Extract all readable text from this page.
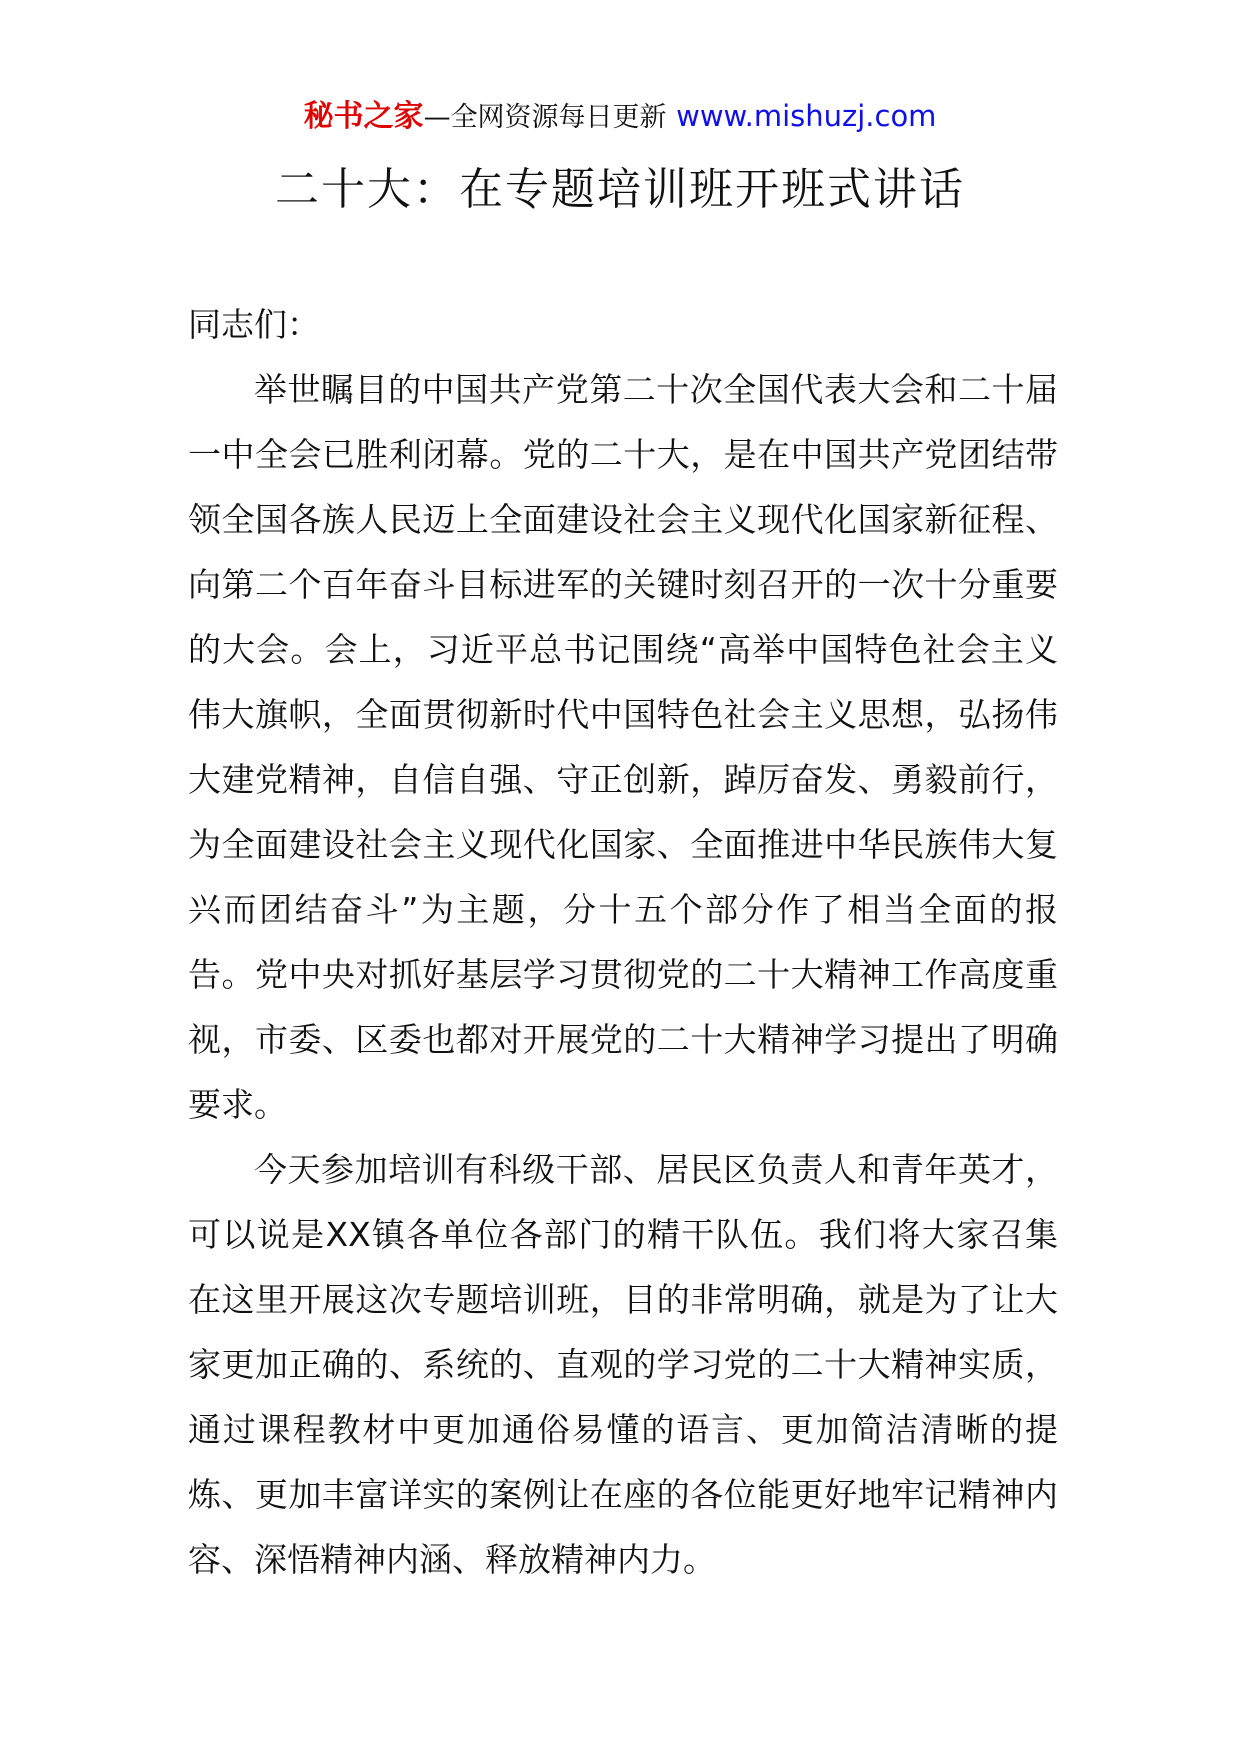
秘书之家—全网资源每日更新 www.mishuzj.com
二十大：在专题培训班开班式讲话

同志们：

举世瞩目的中国共产党第二十次全国代表大会和二十届一中全会已胜利闭幕。党的二十大，是在中国共产党团结带领全国各族人民迈上全面建设社会主义现代化国家新征程、向第二个百年奋斗目标进军的关键时刻召开的一次十分重要的大会。会上，习近平总书记围绕“高举中国特色社会主义伟大旗帜，全面贯彻新时代中国特色社会主义思想，弘扬伟大建党精神，自信自强、守正创新，踔厉奋发、勇毅前行，为全面建设社会主义现代化国家、全面推进中华民族伟大复兴而团结奋斗”为主题，分十五个部分作了相当全面的报告。党中央对抓好基层学习贯彻党的二十大精神工作高度重视，市委、区委也都对开展党的二十大精神学习提出了明确要求。

今天参加培训有科级干部、居民区负责人和青年英才，可以说是XX镇各单位各部门的精干队伍。我们将大家召集在这里开展这次专题培训班，目的非常明确，就是为了让大家更加正确的、系统的、直观的学习党的二十大精神实质，通过课程教材中更加通俗易懂的语言、更加简洁清晰的提炼、更加丰富详实的案例让在座的各位能更好地牢记精神内容、深悟精神内涵、释放精神内力。
